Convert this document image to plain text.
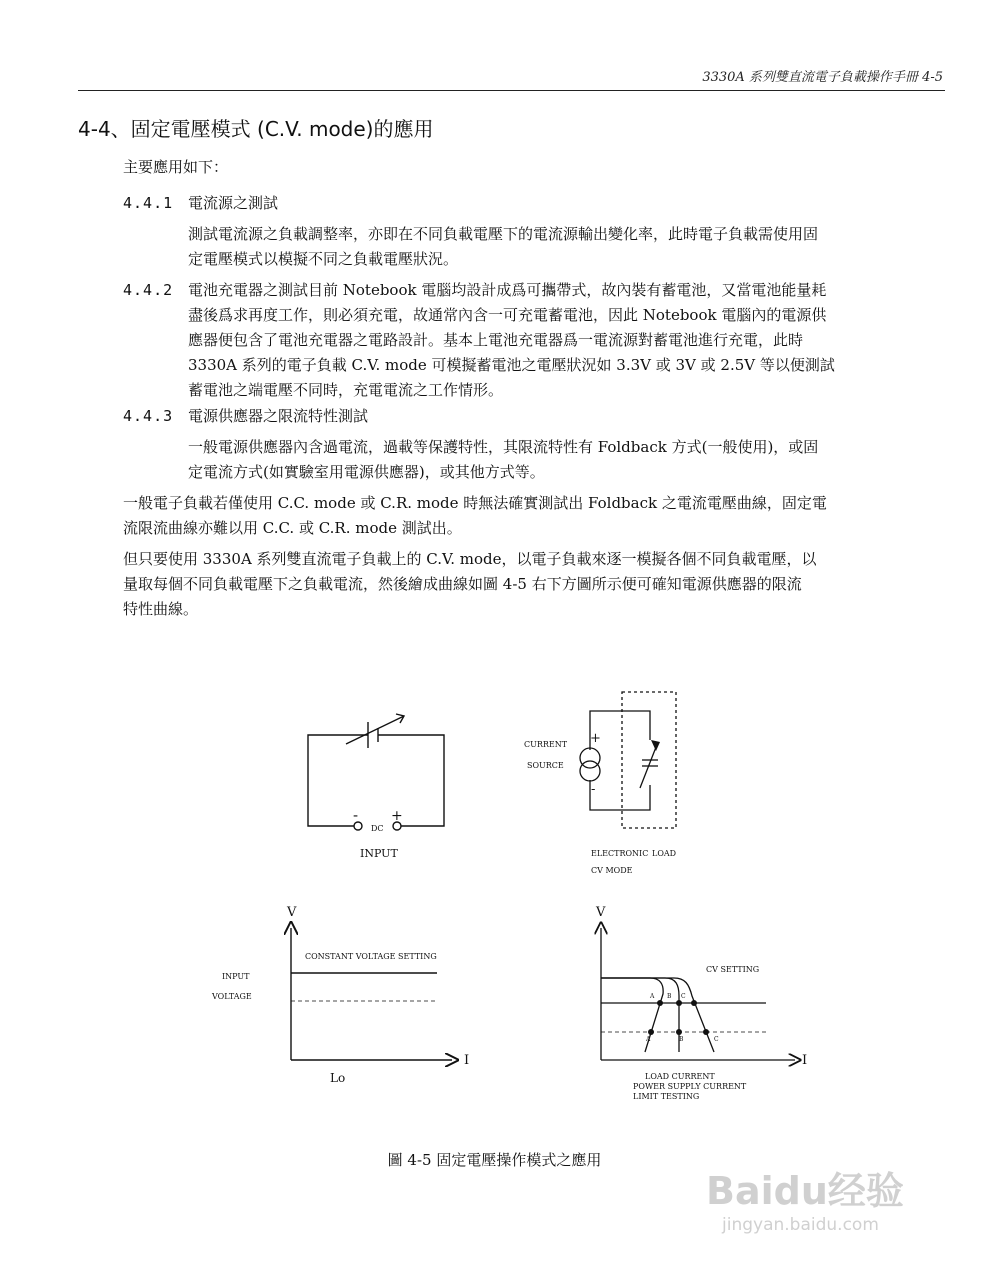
3330A 系列雙直流電子負載操作手冊 4-5
4-4、固定電壓模式 (C.V. mode)的應用
主要應用如下：
4.4.1 電流源之測試
測試電流源之負載調整率，亦即在不同負載電壓下的電流源輸出變化率，此時電子負載需使用固
定電壓模式以模擬不同之負載電壓狀況。
4.4.2 電池充電器之測試目前 Notebook 電腦均設計成爲可攜帶式，故內裝有蓄電池，又當電池能量耗
盡後爲求再度工作，則必須充電，故通常內含一可充電蓄電池，因此 Notebook 電腦內的電源供
應器便包含了電池充電器之電路設計。基本上電池充電器爲一電流源對蓄電池進行充電，此時
3330A 系列的電子負載 C.V. mode 可模擬蓄電池之電壓狀況如 3.3V 或 3V 或 2.5V 等以便測試
蓄電池之端電壓不同時，充電電流之工作情形。
4.4.3 電源供應器之限流特性測試
一般電源供應器內含過電流，過載等保護特性，其限流特性有 Foldback 方式(一般使用)，或固
定電流方式(如實驗室用電源供應器)，或其他方式等。
一般電子負載若僅使用 C.C. mode 或 C.R. mode 時無法確實測試出 Foldback 之電流電壓曲線，固定電
流限流曲線亦難以用 C.C. 或 C.R. mode 測試出。
但只要使用 3330A 系列雙直流電子負載上的 C.V. mode，以電子負載來逐一模擬各個不同負載電壓，以
量取每個不同負載電壓下之負載電流，然後繪成曲線如圖 4-5 右下方圖所示便可確知電源供應器的限流
特性曲線。
- +
DC
INPUT
+
-
CURRENT
SOURCE
ELECTRONIC LOAD
CV MODE
V
I
CONSTANT VOLTAGE SETTING
INPUT
VOLTAGE
Lo
A B C
A	B	C
V
I
CV SETTING
LOAD CURRENT
POWER SUPPLY CURRENT
LIMIT TESTING
圖 4-5 固定電壓操作模式之應用
Baidu经验
jingyan.baidu.com
